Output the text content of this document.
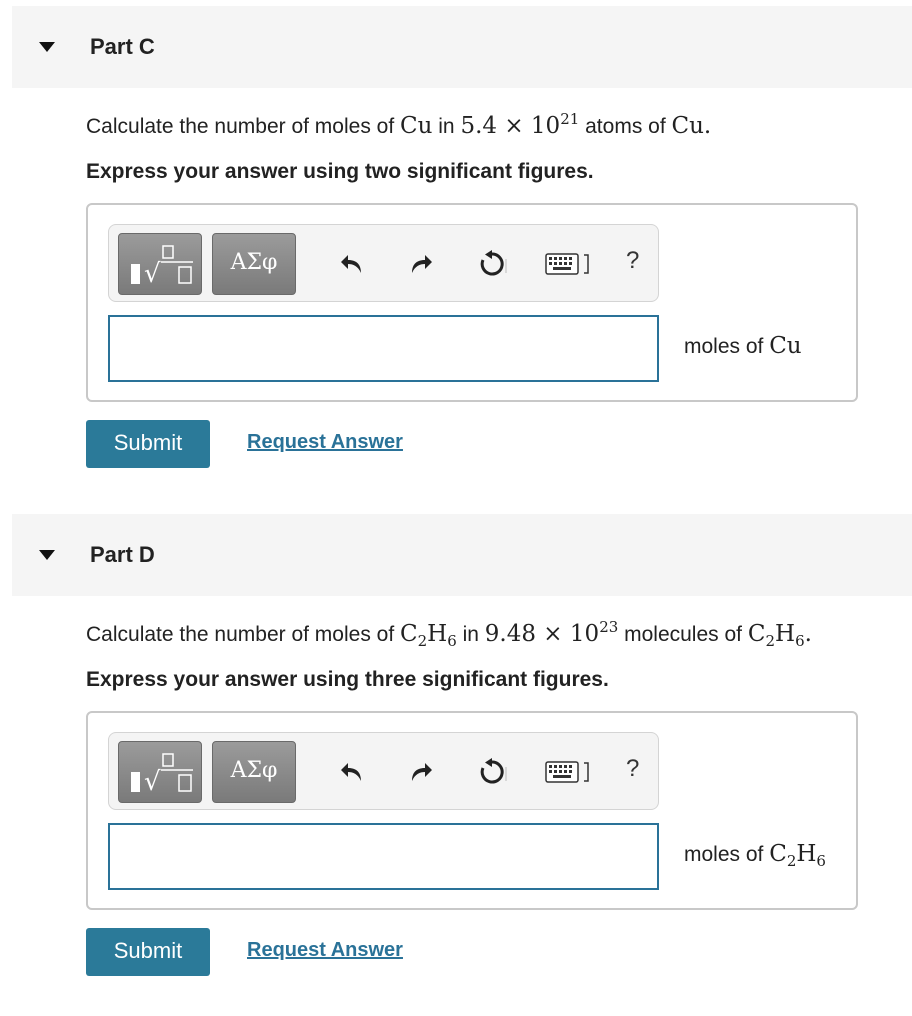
Part C
Calculate the number of moles of Cu in $5.4 \times 10^{21}$ atoms of Cu.
Express your answer using two significant figures.
√	ΑΣφ	?
moles of Cu
Submit	Request Answer
Part D
Calculate the number of moles of $C_2H_6$ in $9.48 \times 10^{23}$ molecules of $C_2H_6$.
Express your answer using three significant figures.
√	ΑΣφ	?
moles of $C_2H_6$
Submit	Request Answer
